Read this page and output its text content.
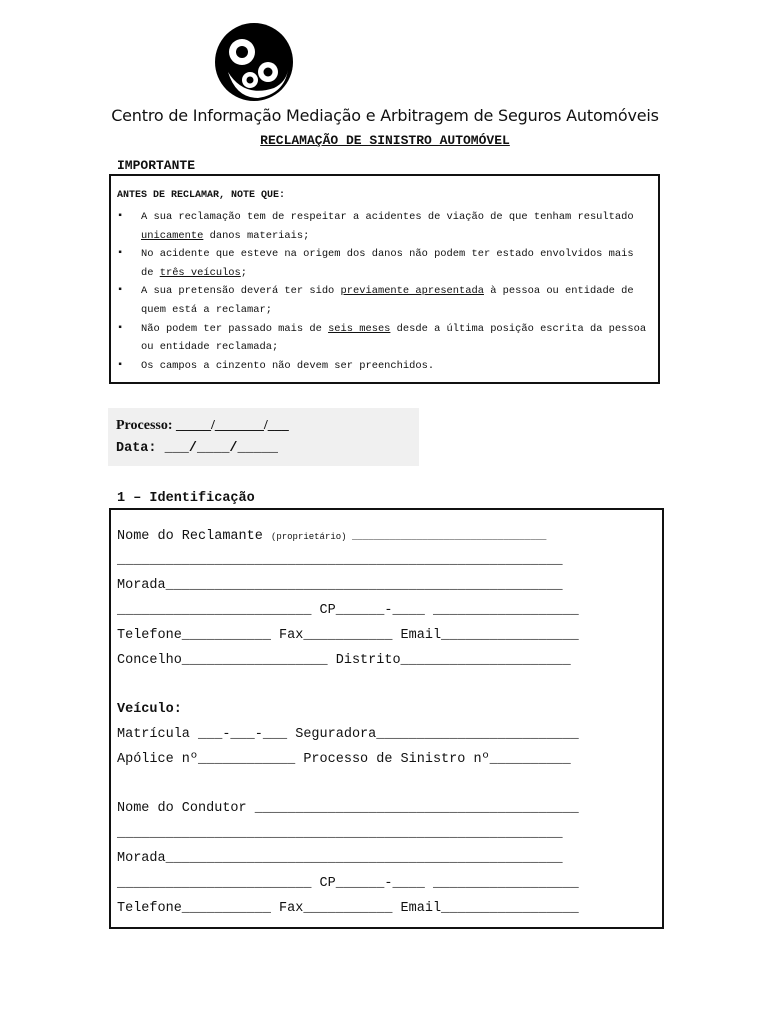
Centro de Informação Mediação e Arbitragem de Seguros Automóveis
RECLAMAÇÃO DE SINISTRO AUTOMÓVEL
IMPORTANTE
ANTES DE RECLAMAR, NOTE QUE:
▪ A sua reclamação tem de respeitar a acidentes de viação de que tenham resultado unicamente danos materiais;
▪ No acidente que esteve na origem dos danos não podem ter estado envolvidos mais de três veículos;
▪ A sua pretensão deverá ter sido previamente apresentada à pessoa ou entidade de quem está a reclamar;
▪ Não podem ter passado mais de seis meses desde a última posição escrita da pessoa ou entidade reclamada;
▪ Os campos a cinzento não devem ser preenchidos.
Processo: _____/_______/___
Data: ___/____/_____
1 – Identificação
Nome do Reclamante (proprietário) ____________________________________
_______________________________________________________
Morada_________________________________________________
________________________ CP______-____ __________________
Telefone___________ Fax___________ Email_________________
Concelho__________________ Distrito_____________________
Veículo:
Matrícula ___-___-___ Seguradora_________________________
Apólice nº____________ Processo de Sinistro nº__________
Nome do Condutor ________________________________________
_______________________________________________________
Morada_________________________________________________
________________________ CP______-____ __________________
Telefone___________ Fax___________ Email_________________
